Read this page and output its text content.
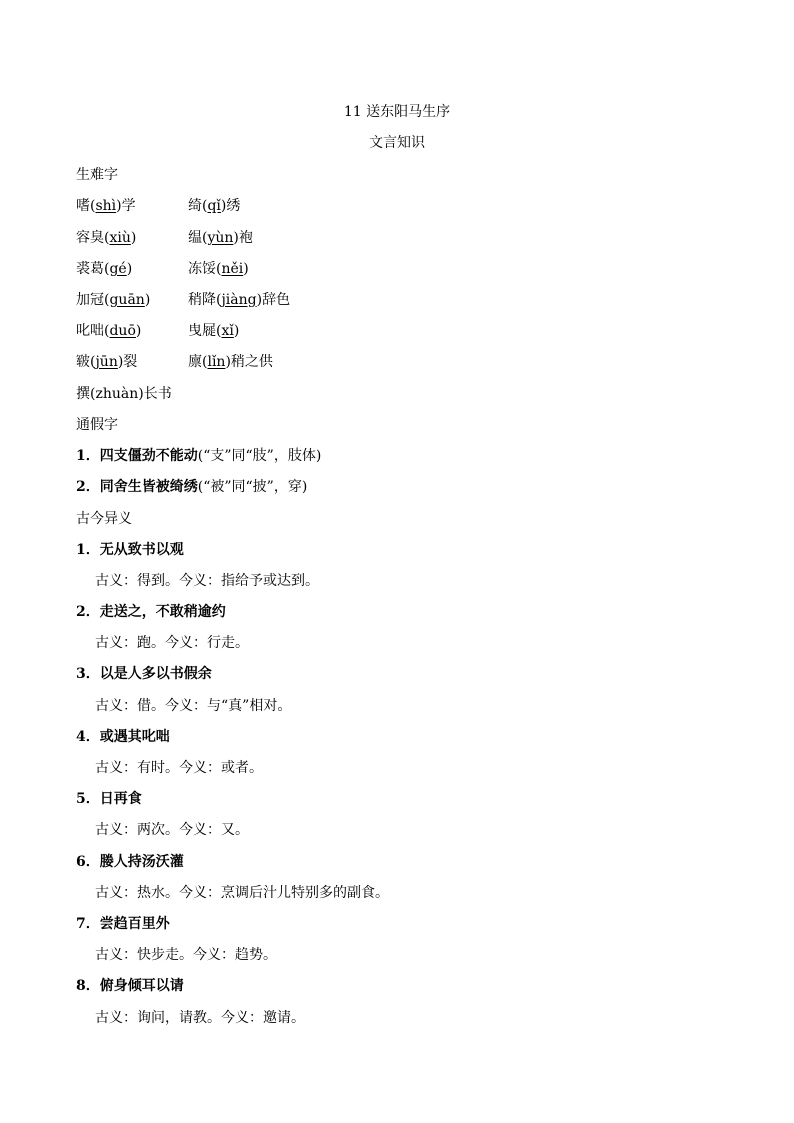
11 送东阳马生序
文言知识
生难字
嗜(shì)学	绮(qǐ)绣
容臭(xiù)	缊(yùn)袍
裘葛(gé)	冻馁(něi)
加冠(guān)	稍降(jiàng)辞色
叱咄(duō)	曳屣(xǐ)
皲(jūn)裂	廪(lǐn)稍之供
撰(zhuàn)长书
通假字
1．四支僵劲不能动(“支”同“肢”，肢体)
2．同舍生皆被绮绣(“被”同“披”，穿)
古今异义
1．无从致书以观
古义：得到。今义：指给予或达到。
2．走送之，不敢稍逾约
古义：跑。今义：行走。
3．以是人多以书假余
古义：借。今义：与“真”相对。
4．或遇其叱咄
古义：有时。今义：或者。
5．日再食
古义：两次。今义：又。
6．媵人持汤沃灌
古义：热水。今义：烹调后汁儿特别多的副食。
7．尝趋百里外
古义：快步走。今义：趋势。
8．俯身倾耳以请
古义：询问，请教。今义：邀请。
